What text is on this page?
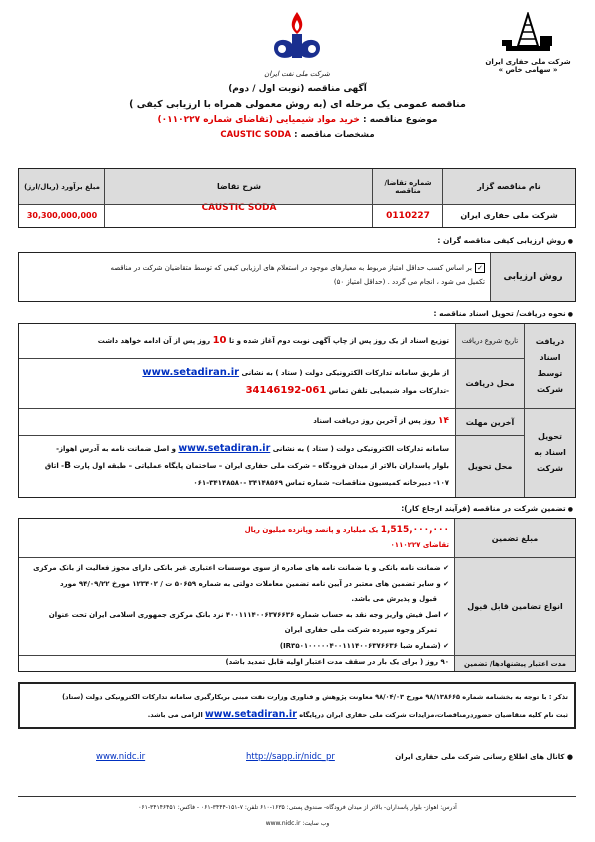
شرکت ملی حفاری ایران
« سهامی خاص »
شرکت ملی نفت ایران
آگهی مناقصه (نوبت اول / دوم)
مناقصه عمومی یک مرحله ای (به روش معمولی همراه با ارزیابی کیفی )
موضوع مناقصه : خرید مواد شیمیایی (تقاضای شماره ۰۱۱۰۲۲۷)
مشخصات مناقصه : CAUSTIC SODA
نام مناقصه گزار
شماره تقاضا/ مناقصه
شرح تقاضا
مبلغ برآورد (ریال/ارز)
شرکت ملی حفاری ایران
0110227
CAUSTIC SODA
30,300,000,000
● روش ارزیابی کیفی مناقصه گران :
روش ارزیابی
✓بر اساس کسب حداقل امتیاز مربوط به معیارهای موجود در استعلام های ارزیابی کیفی که توسط متقاضیان شرکت در مناقصه
تکمیل می شود ، انجام می گردد . (حداقل امتیاز ۵۰)
● نحوه دریافت/ تحویل اسناد مناقصه :
دریافت اسناد توسط شرکت
تحویل اسناد به شرکت
تاریخ شروع دریافت
محل دریافت
آخرین مهلت
محل تحویل
توزیع اسناد از یک روز پس از چاپ آگهی نوبت دوم آغاز شده و تا 10 روز پس از آن ادامه خواهد داشت
از طریق سامانه تدارکات الکترونیکی دولت ( ستاد ) به نشانی www.setadiran.ir
-تدارکات مواد شیمیایی تلفن تماس 061-34146192
۱۴ روز پس از آخرین روز دریافت اسناد
سامانه تدارکات الکترونیکی دولت ( ستاد ) به نشانی www.setadiran.ir و اصل ضمانت نامه به آدرس اهواز-
بلوار پاسداران بالاتر از میدان فرودگاه – شرکت ملی حفاری ایران – ساختمان پایگاه عملیاتی – طبقه اول پارت B- اتاق
۱۰۷- دبیرخانه کمیسیون مناقصات- شماره تماس ۳۴۱۴۸۵۶۹ -۳۴۱۴۸۵۸۰-۰۶۱
● تضمین شرکت در مناقصه (فرآیند ارجاع کار):
مبلغ تضمین
انواع تضامین قابل قبول
مدت اعتبار پیشنهادها/ تضمین
1,515,۰۰۰,۰۰۰ یک میلیارد و پانصد وپانزده میلیون ریال
تقاضای ۰۱۱۰۲۲۷
✔ ضمانت نامه بانکی و یا ضمانت نامه های صادره از سوی موسسات اعتباری غیر بانکی دارای مجوز فعالیت از بانک مرکزی
✔ و سایر تضمین های معتبر در آیین نامه تضمین معاملات دولتی به شماره ۵۰۶۵۹ ت / ۱۲۳۴۰۲ مورخ ۹۴/۰۹/۲۲ مورد
قبول و پذیرش می باشد.
✔ اصل فیش واریز وجه نقد به حساب شماره ۴۰۰۱۱۱۴۰۰۶۳۷۶۶۳۶ نزد بانک مرکزی جمهوری اسلامی ایران تحت عنوان
تمرکز وجوه سپرده شرکت ملی حفاری ایران
✔ (شماره شبا IR۳۵۰۱۰۰۰۰۰۴۰۰۱۱۱۴۰۰۶۳۷۶۶۳۶)
۹۰ روز ( برای یک بار در سقف مدت اعتبار اولیه قابل تمدید باشد)
تذکر : با توجه به بخشنامه شماره ۹۸/۱۳۸۶۶۵ مورخ ۹۸/۰۴/۰۳ معاونت پژوهش و فناوری وزارت نفت مبنی بربکارگیری سامانه تدارکات الکترونیکی دولت (ستاد)
ثبت نام کلیه متقاضیان حضوردرمناقصات،مزایدات شرکت ملی حفاری ایران درپایگاه www.setadiran.ir الزامی می باشد.
● کانال های اطلاع رسانی شرکت ملی حفاری ایران
http://sapp.ir/nidc_pr
www.nidc.ir
آدرس: اهواز- بلوار پاسداران- بالاتر از میدان فرودگاه- صندوق پستی: ۱۶۳۵-۶۱۰ تلفن: ۷-۱۵۱-۳۴۴۴-۰۶۱ - فاکس: ۳۴۱۴۶۴۵۱-۰۶۱
وب سایت: www.nidc.ir
